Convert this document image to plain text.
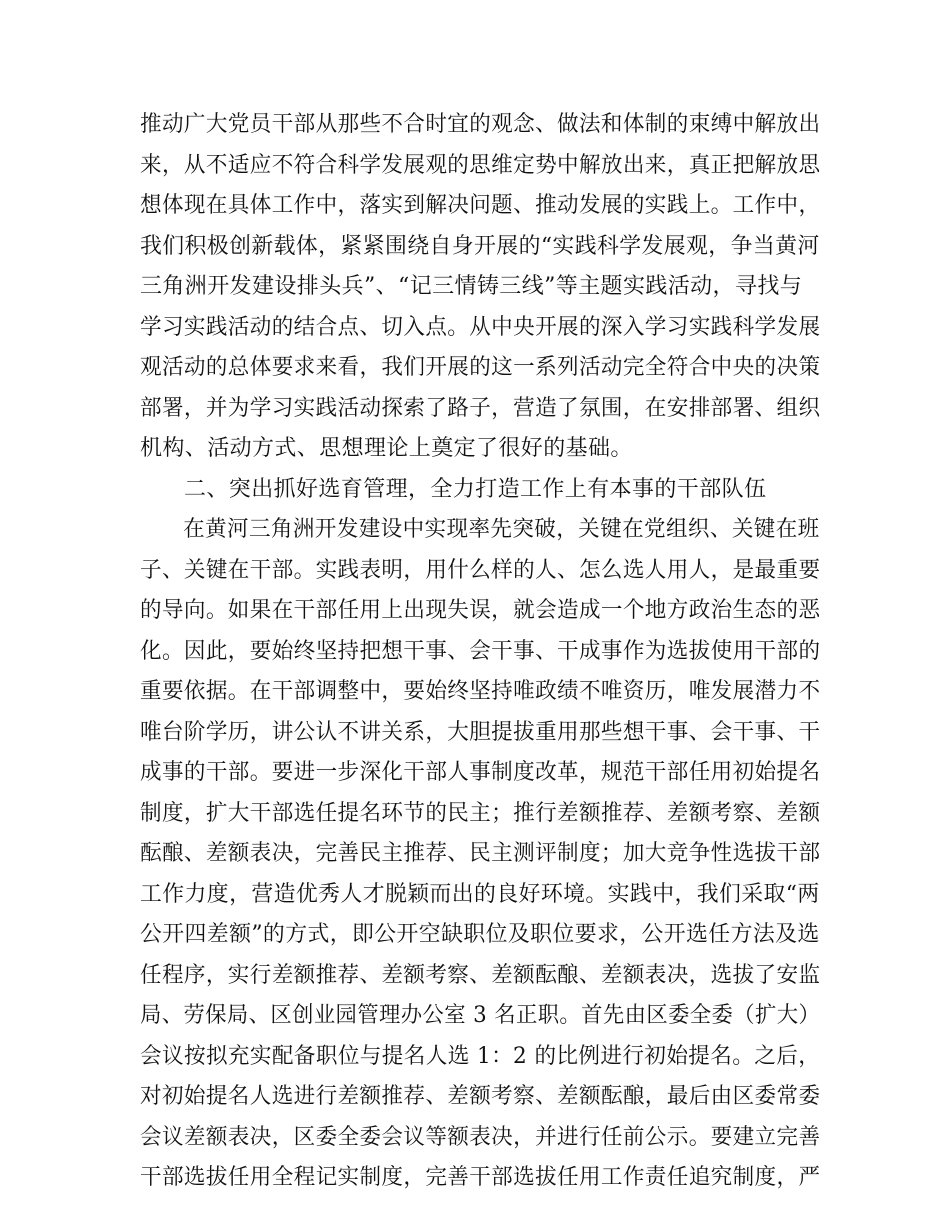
推动广大党员干部从那些不合时宜的观念、做法和体制的束缚中解放出
来，从不适应不符合科学发展观的思维定势中解放出来，真正把解放思
想体现在具体工作中，落实到解决问题、推动发展的实践上。工作中，
我们积极创新载体，紧紧围绕自身开展的“实践科学发展观，争当黄河
三角洲开发建设排头兵”、“记三情铸三线”等主题实践活动，寻找与
学习实践活动的结合点、切入点。从中央开展的深入学习实践科学发展
观活动的总体要求来看，我们开展的这一系列活动完全符合中央的决策
部署，并为学习实践活动探索了路子，营造了氛围，在安排部署、组织
机构、活动方式、思想理论上奠定了很好的基础。
二、突出抓好选育管理，全力打造工作上有本事的干部队伍
在黄河三角洲开发建设中实现率先突破，关键在党组织、关键在班
子、关键在干部。实践表明，用什么样的人、怎么选人用人，是最重要
的导向。如果在干部任用上出现失误，就会造成一个地方政治生态的恶
化。因此，要始终坚持把想干事、会干事、干成事作为选拔使用干部的
重要依据。在干部调整中，要始终坚持唯政绩不唯资历，唯发展潜力不
唯台阶学历，讲公认不讲关系，大胆提拔重用那些想干事、会干事、干
成事的干部。要进一步深化干部人事制度改革，规范干部任用初始提名
制度，扩大干部选任提名环节的民主；推行差额推荐、差额考察、差额
酝酿、差额表决，完善民主推荐、民主测评制度；加大竞争性选拔干部
工作力度，营造优秀人才脱颖而出的良好环境。实践中，我们采取“两
公开四差额”的方式，即公开空缺职位及职位要求，公开选任方法及选
任程序，实行差额推荐、差额考察、差额酝酿、差额表决，选拔了安监
局、劳保局、区创业园管理办公室 3 名正职。首先由区委全委（扩大）
会议按拟充实配备职位与提名人选 1：2 的比例进行初始提名。之后，
对初始提名人选进行差额推荐、差额考察、差额酝酿，最后由区委常委
会议差额表决，区委全委会议等额表决，并进行任前公示。要建立完善
干部选拔任用全程记实制度，完善干部选拔任用工作责任追究制度，严
